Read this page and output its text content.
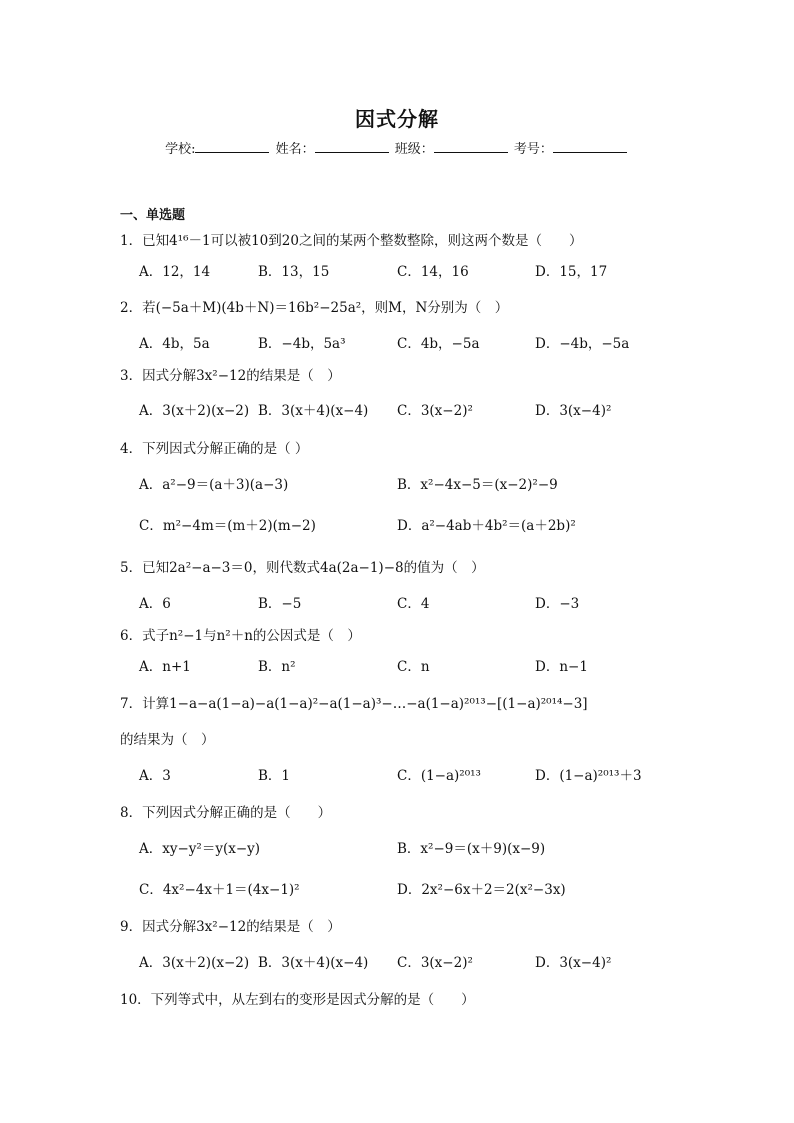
因式分解
学校:	姓名：	班级：	考号：
一、单选题
1．已知4¹⁶－1可以被10到20之间的某两个整数整除，则这两个数是（　　）
A．12，14	B．13，15	C．14，16	D．15，17
2．若(−5a＋M)(4b＋N)＝16b²−25a²，则M，N分别为（　）
A．4b，5a	B．−4b，5a³	C．4b，−5a	D．−4b，−5a
3．因式分解3x²−12的结果是（　）
A．3(x＋2)(x−2) B．3(x＋4)(x−4) C．3(x−2)²	D．3(x−4)²
4．下列因式分解正确的是（ ）
A．a²−9＝(a＋3)(a−3)	B．x²−4x−5＝(x−2)²−9
C．m²−4m＝(m＋2)(m−2)	D．a²−4ab＋4b²＝(a＋2b)²
5．已知2a²−a−3＝0，则代数式4a(2a−1)−8的值为（　）
A．6	B．−5	C．4	D．−3
6．式子n²−1与n²＋n的公因式是（　）
A．n+1	B．n²	C．n	D．n−1
7．计算1−a−a(1−a)−a(1−a)²−a(1−a)³−…−a(1−a)²⁰¹³−[(1−a)²⁰¹⁴−3]
的结果为（　）
A．3	B．1	C．(1−a)²⁰¹³	D．(1−a)²⁰¹³＋3
8．下列因式分解正确的是（　　）
A．xy−y²＝y(x−y)	B．x²−9＝(x＋9)(x−9)
C．4x²−4x＋1＝(4x−1)²	D．2x²−6x＋2＝2(x²−3x)
9．因式分解3x²−12的结果是（　）
A．3(x＋2)(x−2) B．3(x＋4)(x−4) C．3(x−2)²	D．3(x−4)²
10．下列等式中，从左到右的变形是因式分解的是（　　）
